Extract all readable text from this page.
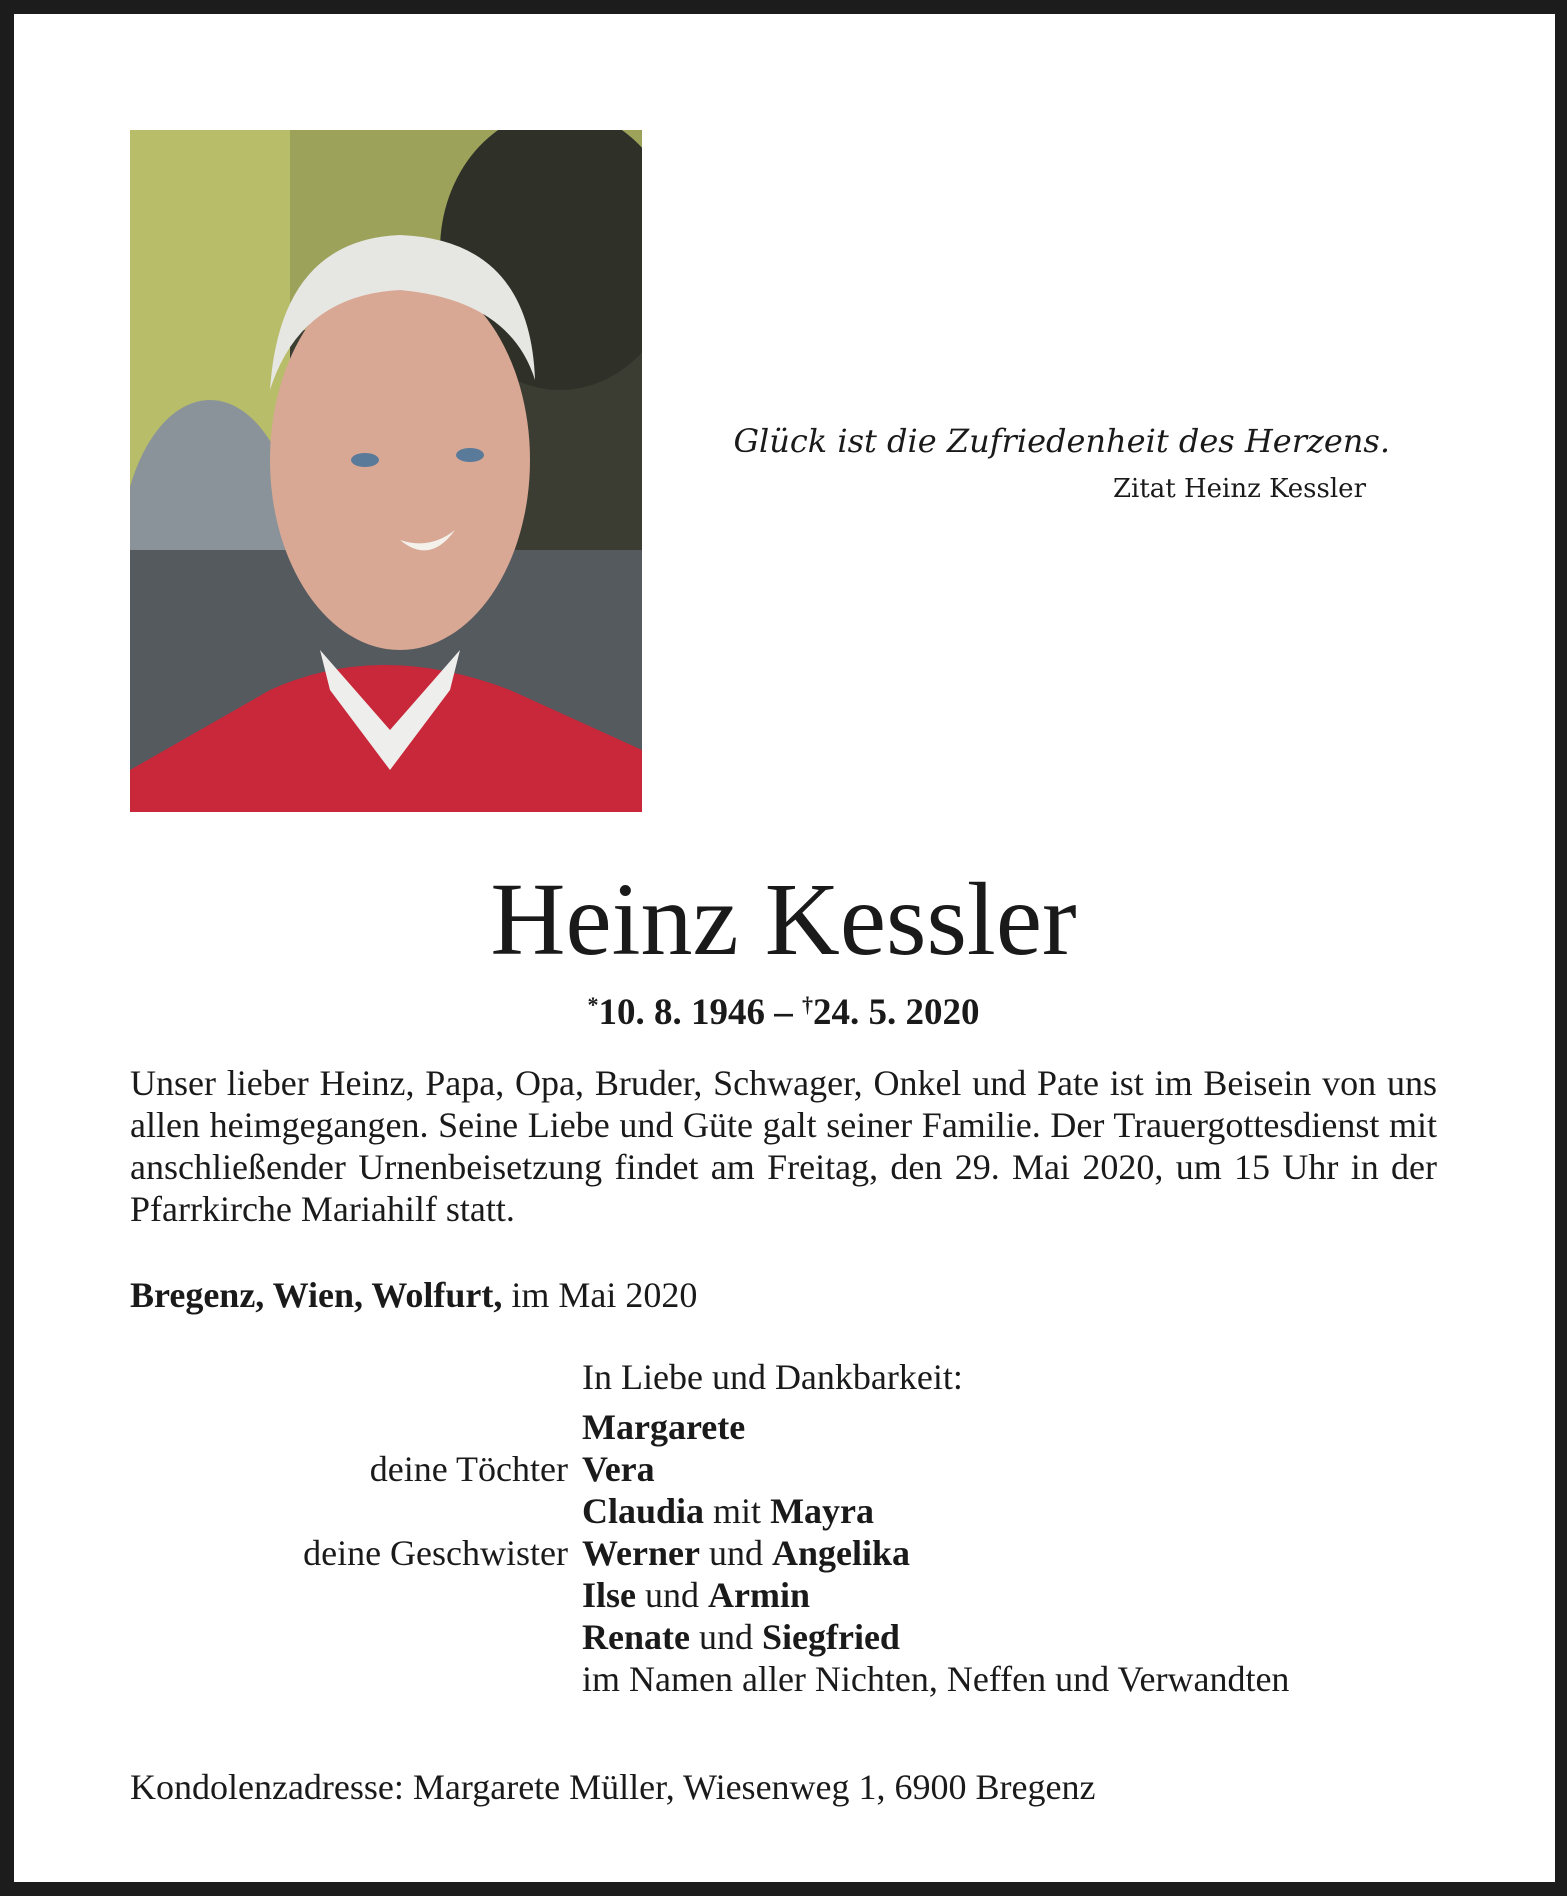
Glück ist die Zufriedenheit des Herzens.
Zitat Heinz Kessler
Heinz Kessler
*10. 8. 1946 – †24. 5. 2020

Unser lieber Heinz, Papa, Opa, Bruder, Schwager, Onkel und Pate ist im Beisein von uns allen heimgegangen. Seine Liebe und Güte galt seiner Familie. Der Trauergottesdienst mit anschließender Urnenbeisetzung findet am Freitag, den 29. Mai 2020, um 15 Uhr in der Pfarrkirche Mariahilf statt.

Bregenz, Wien, Wolfurt, im Mai 2020
In Liebe und Dankbarkeit:
Margarete
deine Töchter Vera
Claudia mit Mayra
deine Geschwister Werner und Angelika
Ilse und Armin
Renate und Siegfried
im Namen aller Nichten, Neffen und Verwandten
Kondolenzadresse: Margarete Müller, Wiesenweg 1, 6900 Bregenz
